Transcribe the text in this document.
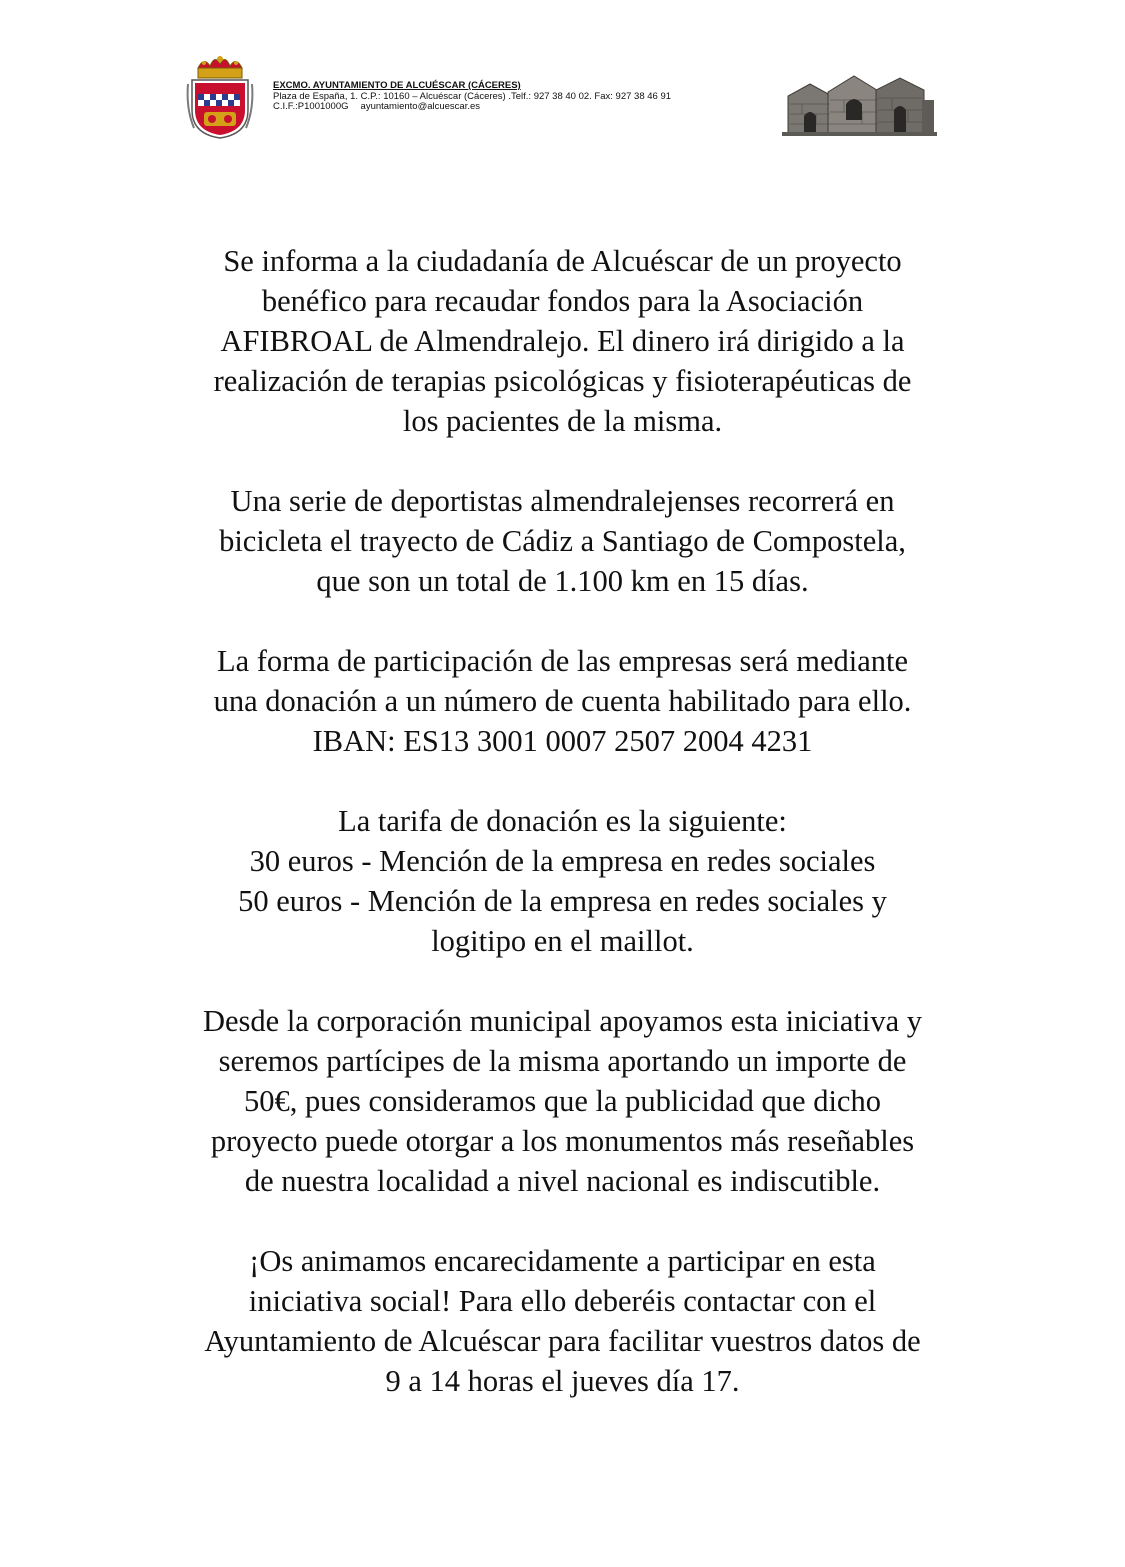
EXCMO. AYUNTAMIENTO DE ALCUÉSCAR (CÁCERES)
Plaza de España, 1. C.P.: 10160 – Alcuéscar (Cáceres) .Telf.: 927 38 40 02. Fax: 927 38 46 91
C.I.F.:P1001000G ayuntamiento@alcuescar.es

Se informa a la ciudadanía de Alcuéscar de un proyecto
benéfico para recaudar fondos para la Asociación
AFIBROAL de Almendralejo. El dinero irá dirigido a la
realización de terapias psicológicas y fisioterapéuticas de
los pacientes de la misma.

Una serie de deportistas almendralejenses recorrerá en
bicicleta el trayecto de Cádiz a Santiago de Compostela,
que son un total de 1.100 km en 15 días.

La forma de participación de las empresas será mediante
una donación a un número de cuenta habilitado para ello.
IBAN: ES13 3001 0007 2507 2004 4231

La tarifa de donación es la siguiente:
30 euros - Mención de la empresa en redes sociales
50 euros - Mención de la empresa en redes sociales y
logitipo en el maillot.

Desde la corporación municipal apoyamos esta iniciativa y
seremos partícipes de la misma aportando un importe de
50€, pues consideramos que la publicidad que dicho
proyecto puede otorgar a los monumentos más reseñables
de nuestra localidad a nivel nacional es indiscutible.

¡Os animamos encarecidamente a participar en esta
iniciativa social! Para ello deberéis contactar con el
Ayuntamiento de Alcuéscar para facilitar vuestros datos de
9 a 14 horas el jueves día 17.
